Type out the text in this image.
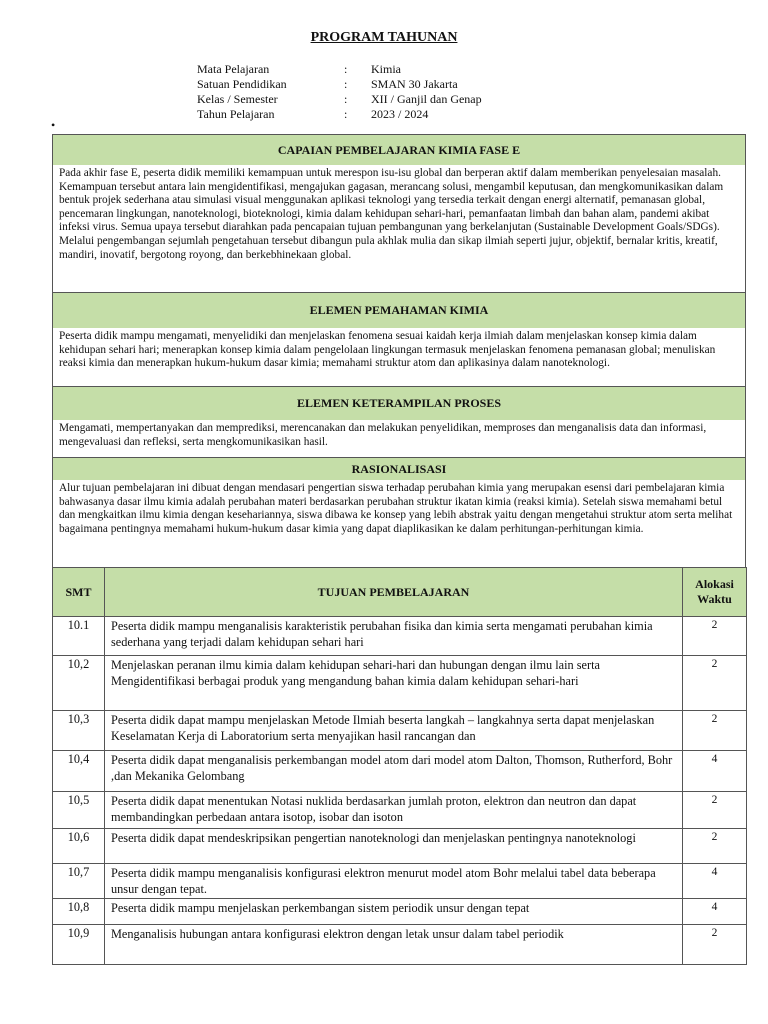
PROGRAM TAHUNAN
Mata Pelajaran	:	Kimia
Satuan Pendidikan	:	SMAN 30 Jakarta
Kelas / Semester	:	XII / Ganjil dan Genap
Tahun Pelajaran	:	2023 / 2024
•
CAPAIAN PEMBELAJARAN KIMIA FASE E
Pada akhir fase E, peserta didik memiliki kemampuan untuk merespon isu-isu global dan berperan aktif dalam memberikan penyelesaian masalah. Kemampuan tersebut antara lain mengidentifikasi, mengajukan gagasan, merancang solusi, mengambil keputusan, dan mengkomunikasikan dalam bentuk projek sederhana atau simulasi visual menggunakan aplikasi teknologi yang tersedia terkait dengan energi alternatif, pemanasan global, pencemaran lingkungan, nanoteknologi, bioteknologi, kimia dalam kehidupan sehari-hari, pemanfaatan limbah dan bahan alam, pandemi akibat infeksi virus. Semua upaya tersebut diarahkan pada pencapaian tujuan pembangunan yang berkelanjutan (Sustainable Development Goals/SDGs). Melalui pengembangan sejumlah pengetahuan tersebut dibangun pula akhlak mulia dan sikap ilmiah seperti jujur, objektif, bernalar kritis, kreatif, mandiri, inovatif, bergotong royong, dan berkebhinekaan global.
ELEMEN PEMAHAMAN KIMIA
Peserta didik mampu mengamati, menyelidiki dan menjelaskan fenomena sesuai kaidah kerja ilmiah dalam menjelaskan konsep kimia dalam kehidupan sehari hari; menerapkan konsep kimia dalam pengelolaan lingkungan termasuk menjelaskan fenomena pemanasan global; menuliskan reaksi kimia dan menerapkan hukum-hukum dasar kimia; memahami struktur atom dan aplikasinya dalam nanoteknologi.
ELEMEN KETERAMPILAN PROSES
Mengamati, mempertanyakan dan memprediksi, merencanakan dan melakukan penyelidikan, memproses dan menganalisis data dan informasi, mengevaluasi dan refleksi, serta mengkomunikasikan hasil.
RASIONALISASI
Alur tujuan pembelajaran ini dibuat dengan mendasari pengertian siswa terhadap perubahan kimia yang merupakan esensi dari pembelajaran kimia bahwasanya dasar ilmu kimia adalah perubahan materi berdasarkan perubahan struktur ikatan kimia (reaksi kimia). Setelah siswa memahami betul dan mengkaitkan ilmu kimia dengan kesehariannya, siswa dibawa ke konsep yang lebih abstrak yaitu dengan mengetahui struktur atom serta melihat bagaimana pentingnya memahami hukum-hukum dasar kimia yang dapat diaplikasikan ke dalam perhitungan-perhitungan kimia.
SMT	TUJUAN PEMBELAJARAN	Alokasi Waktu
10.1	Peserta didik mampu menganalisis karakteristik perubahan fisika dan kimia serta mengamati perubahan kimia sederhana yang terjadi dalam kehidupan sehari hari	2
10,2	Menjelaskan peranan ilmu kimia dalam kehidupan sehari-hari dan hubungan dengan ilmu lain serta Mengidentifikasi berbagai produk yang mengandung bahan kimia dalam kehidupan sehari-hari	2
10,3	Peserta didik dapat mampu menjelaskan Metode Ilmiah beserta langkah – langkahnya serta dapat menjelaskan Keselamatan Kerja di Laboratorium serta menyajikan hasil rancangan dan	2
10,4	Peserta didik dapat menganalisis perkembangan model atom dari model atom Dalton, Thomson, Rutherford, Bohr ,dan Mekanika Gelombang	4
10,5	Peserta didik dapat menentukan Notasi nuklida berdasarkan jumlah proton, elektron dan neutron dan dapat membandingkan perbedaan antara isotop, isobar dan isoton	2
10,6	Peserta didik dapat mendeskripsikan pengertian nanoteknologi dan menjelaskan pentingnya nanoteknologi	2
10,7	Peserta didik mampu menganalisis konfigurasi elektron menurut model atom Bohr melalui tabel data beberapa unsur dengan tepat.	4
10,8	Peserta didik mampu menjelaskan perkembangan sistem periodik unsur dengan tepat	4
10,9	Menganalisis hubungan antara konfigurasi elektron dengan letak unsur dalam tabel periodik	2
